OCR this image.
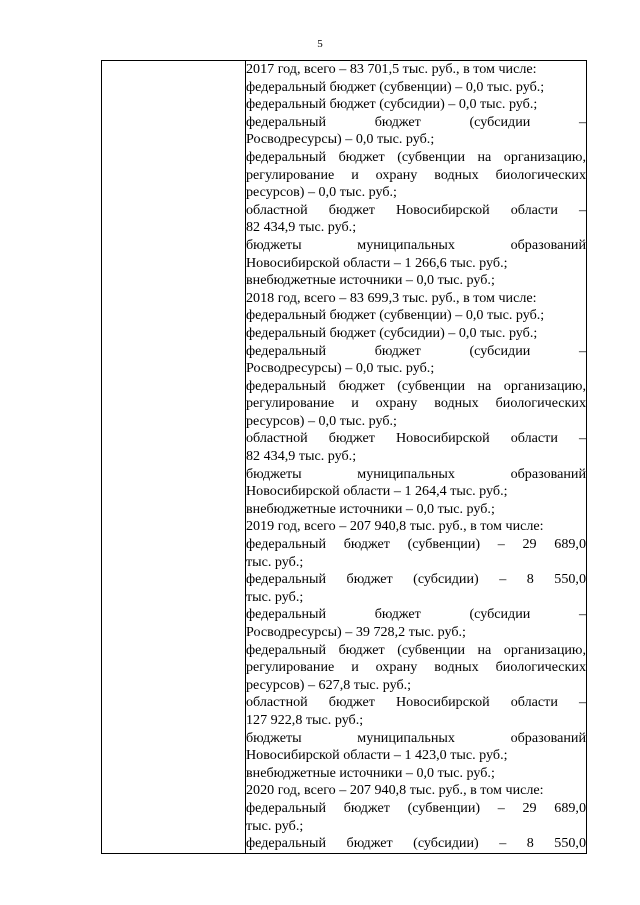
5

2017 год, всего – 83 701,5 тыс. руб., в том числе:
федеральный бюджет (субвенции) – 0,0 тыс. руб.;
федеральный бюджет (субсидии) – 0,0 тыс. руб.;
федеральный бюджет (субсидии –
Росводресурсы) – 0,0 тыс. руб.;
федеральный бюджет (субвенции на организацию,
регулирование и охрану водных биологических
ресурсов) – 0,0 тыс. руб.;
областной бюджет Новосибирской области –
82 434,9 тыс. руб.;
бюджеты муниципальных образований
Новосибирской области – 1 266,6 тыс. руб.;
внебюджетные источники – 0,0 тыс. руб.;
2018 год, всего – 83 699,3 тыс. руб., в том числе:
федеральный бюджет (субвенции) – 0,0 тыс. руб.;
федеральный бюджет (субсидии) – 0,0 тыс. руб.;
федеральный бюджет (субсидии –
Росводресурсы) – 0,0 тыс. руб.;
федеральный бюджет (субвенции на организацию,
регулирование и охрану водных биологических
ресурсов) – 0,0 тыс. руб.;
областной бюджет Новосибирской области –
82 434,9 тыс. руб.;
бюджеты муниципальных образований
Новосибирской области – 1 264,4 тыс. руб.;
внебюджетные источники – 0,0 тыс. руб.;
2019 год, всего – 207 940,8 тыс. руб., в том числе:
федеральный бюджет (субвенции) – 29 689,0
тыс. руб.;
федеральный бюджет (субсидии) – 8 550,0
тыс. руб.;
федеральный бюджет (субсидии –
Росводресурсы) – 39 728,2 тыс. руб.;
федеральный бюджет (субвенции на организацию,
регулирование и охрану водных биологических
ресурсов) – 627,8 тыс. руб.;
областной бюджет Новосибирской области –
127 922,8 тыс. руб.;
бюджеты муниципальных образований
Новосибирской области – 1 423,0 тыс. руб.;
внебюджетные источники – 0,0 тыс. руб.;
2020 год, всего – 207 940,8 тыс. руб., в том числе:
федеральный бюджет (субвенции) – 29 689,0
тыс. руб.;
федеральный бюджет (субсидии) – 8 550,0
